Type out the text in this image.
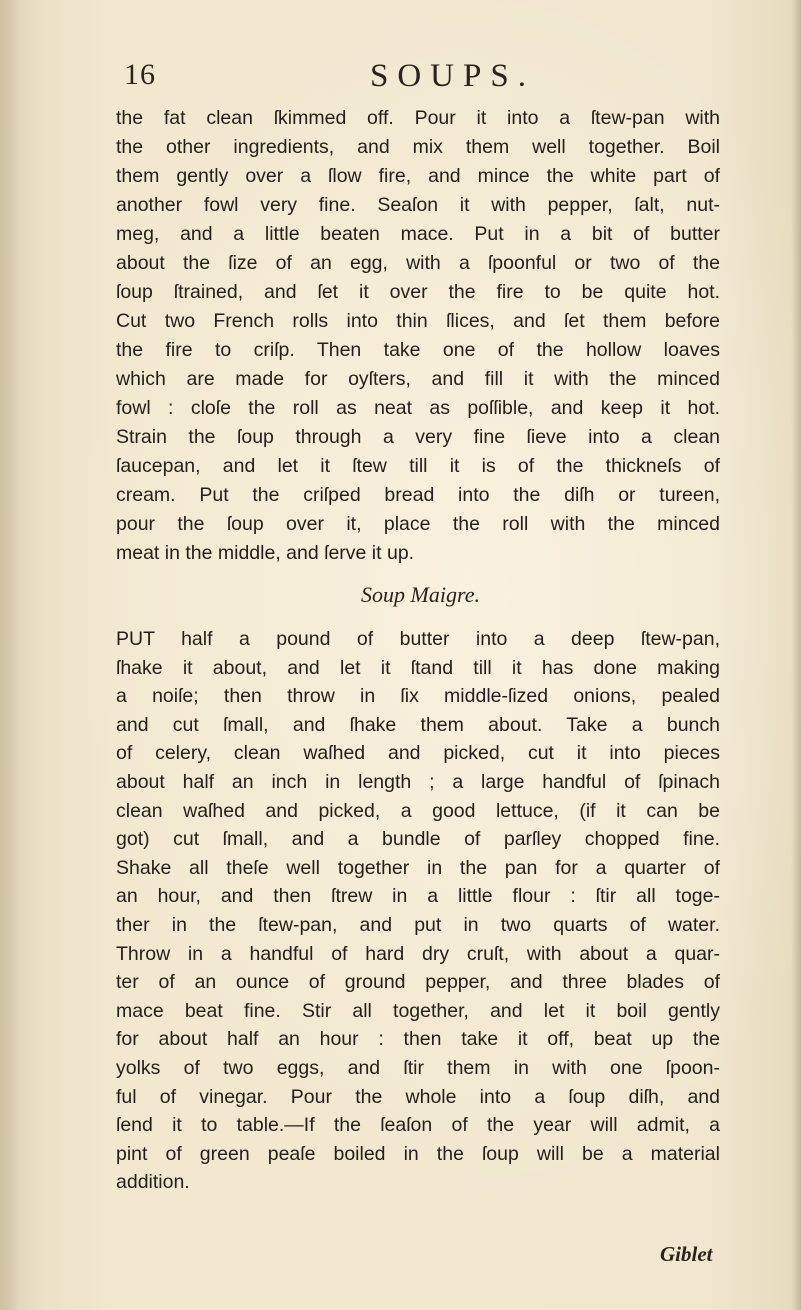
16	SOUPS.
the fat clean ſkimmed off. Pour it into a ſtew-pan with
the other ingredients, and mix them well together. Boil
them gently over a ſlow fire, and mince the white part of
another fowl very fine. Seaſon it with pepper, ſalt, nut-
meg, and a little beaten mace. Put in a bit of butter
about the ſize of an egg, with a ſpoonful or two of the
ſoup ſtrained, and ſet it over the fire to be quite hot.
Cut two French rolls into thin ſlices, and ſet them before
the fire to criſp. Then take one of the hollow loaves
which are made for oyſters, and fill it with the minced
fowl : cloſe the roll as neat as poſſible, and keep it hot.
Strain the ſoup through a very fine ſieve into a clean
ſaucepan, and let it ſtew till it is of the thickneſs of
cream. Put the criſped bread into the diſh or tureen,
pour the ſoup over it, place the roll with the minced
meat in the middle, and ſerve it up.
Soup Maigre.
PUT half a pound of butter into a deep ſtew-pan,
ſhake it about, and let it ſtand till it has done making
a noiſe; then throw in ſix middle-ſized onions, pealed
and cut ſmall, and ſhake them about. Take a bunch
of celery, clean waſhed and picked, cut it into pieces
about half an inch in length ; a large handful of ſpinach
clean waſhed and picked, a good lettuce, (if it can be
got) cut ſmall, and a bundle of parſley chopped fine.
Shake all theſe well together in the pan for a quarter of
an hour, and then ſtrew in a little flour : ſtir all toge-
ther in the ſtew-pan, and put in two quarts of water.
Throw in a handful of hard dry cruſt, with about a quar-
ter of an ounce of ground pepper, and three blades of
mace beat fine. Stir all together, and let it boil gently
for about half an hour : then take it off, beat up the
yolks of two eggs, and ſtir them in with one ſpoon-
ful of vinegar. Pour the whole into a ſoup diſh, and
ſend it to table.—If the ſeaſon of the year will admit, a
pint of green peaſe boiled in the ſoup will be a material
addition.
Giblet
